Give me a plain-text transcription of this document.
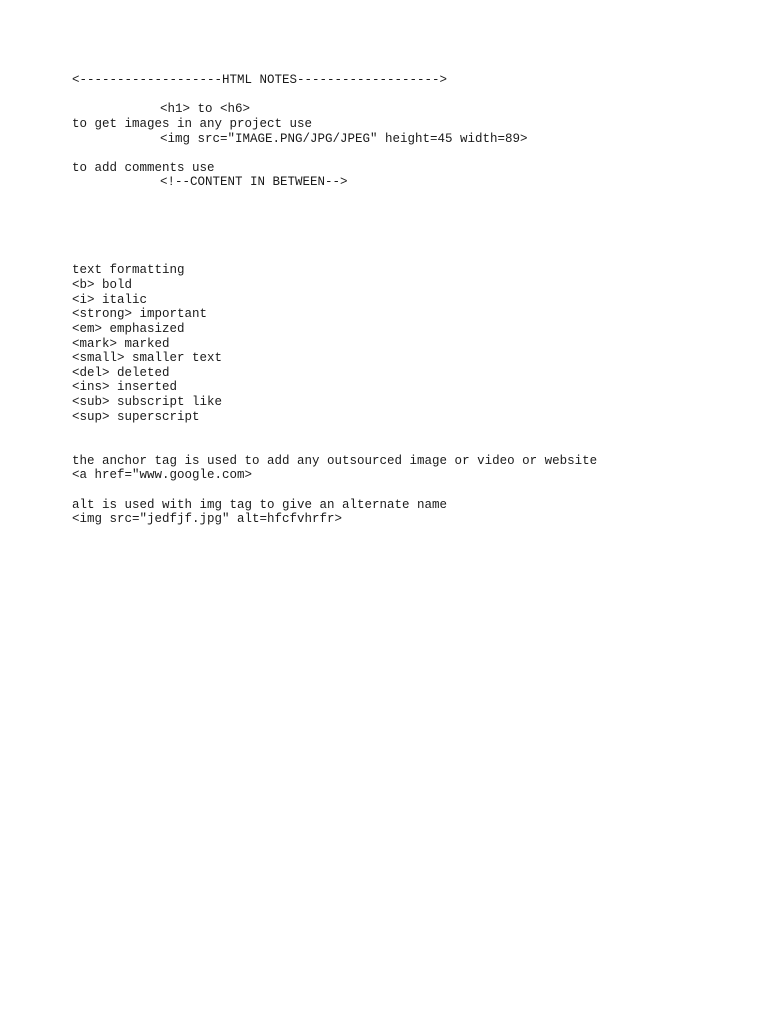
<-------------------HTML NOTES------------------->
<h1> to <h6>
to get images in any project use
<img src="IMAGE.PNG/JPG/JPEG" height=45 width=89>
to add comments use
<!--CONTENT IN BETWEEN-->
text formatting
<b> bold
<i> italic
<strong> important
<em> emphasized
<mark> marked
<small> smaller text
<del> deleted
<ins> inserted
<sub> subscript like
<sup> superscript
the anchor tag is used to add any outsourced image or video or website
<a href="www.google.com>
alt is used with img tag to give an alternate name
<img src="jedfjf.jpg" alt=hfcfvhrfr>
